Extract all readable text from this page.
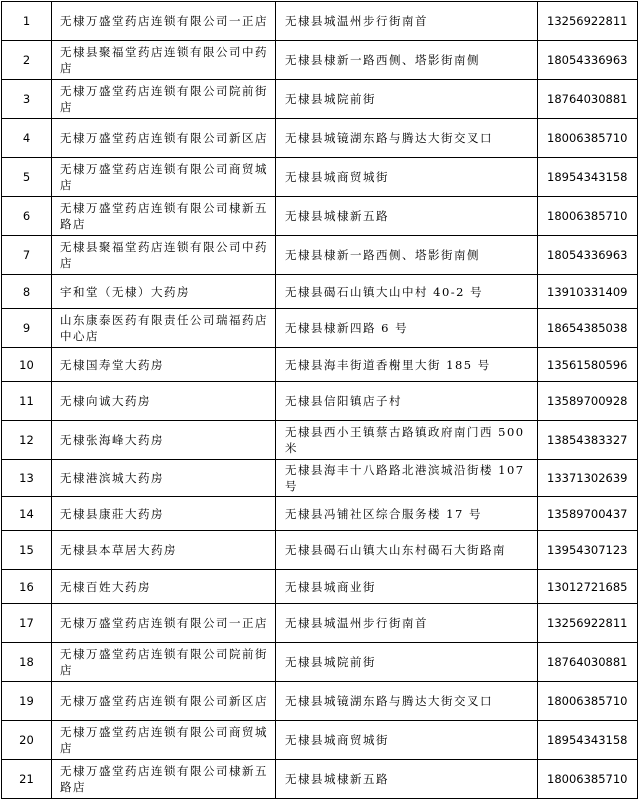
1	无棣万盛堂药店连锁有限公司一正店	无棣县城温州步行街南首	13256922811
2	无棣县聚福堂药店连锁有限公司中药店	无棣县棣新一路西侧、塔影街南侧	18054336963
3	无棣万盛堂药店连锁有限公司院前街店	无棣县城院前街	18764030881
4	无棣万盛堂药店连锁有限公司新区店	无棣县城镜湖东路与腾达大街交叉口	18006385710
5	无棣万盛堂药店连锁有限公司商贸城店	无棣县城商贸城街	18954343158
6	无棣万盛堂药店连锁有限公司棣新五路店	无棣县城棣新五路	18006385710
7	无棣县聚福堂药店连锁有限公司中药店	无棣县棣新一路西侧、塔影街南侧	18054336963
8	宇和堂（无棣）大药房	无棣县碣石山镇大山中村 40-2 号	13910331409
9	山东康泰医药有限责任公司瑞福药店中心店	无棣县棣新四路 6 号	18654385038
10	无棣国寿堂大药房	无棣县海丰街道香榭里大街 185 号	13561580596
11	无棣向诚大药房	无棣县信阳镇店子村	13589700928
12	无棣张海峰大药房	无棣县西小王镇蔡古路镇政府南门西 500 米	13854383327
13	无棣港滨城大药房	无棣县海丰十八路路北港滨城沿街楼 107 号	13371302639
14	无棣县康莊大药房	无棣县冯铺社区综合服务楼 17 号	13589700437
15	无棣县本草居大药房	无棣县碣石山镇大山东村碣石大街路南	13954307123
16	无棣百姓大药房	无棣县城商业街	13012721685
17	无棣万盛堂药店连锁有限公司一正店	无棣县城温州步行街南首	13256922811
18	无棣万盛堂药店连锁有限公司院前街店	无棣县城院前街	18764030881
19	无棣万盛堂药店连锁有限公司新区店	无棣县城镜湖东路与腾达大街交叉口	18006385710
20	无棣万盛堂药店连锁有限公司商贸城店	无棣县城商贸城街	18954343158
21	无棣万盛堂药店连锁有限公司棣新五路店	无棣县城棣新五路	18006385710
